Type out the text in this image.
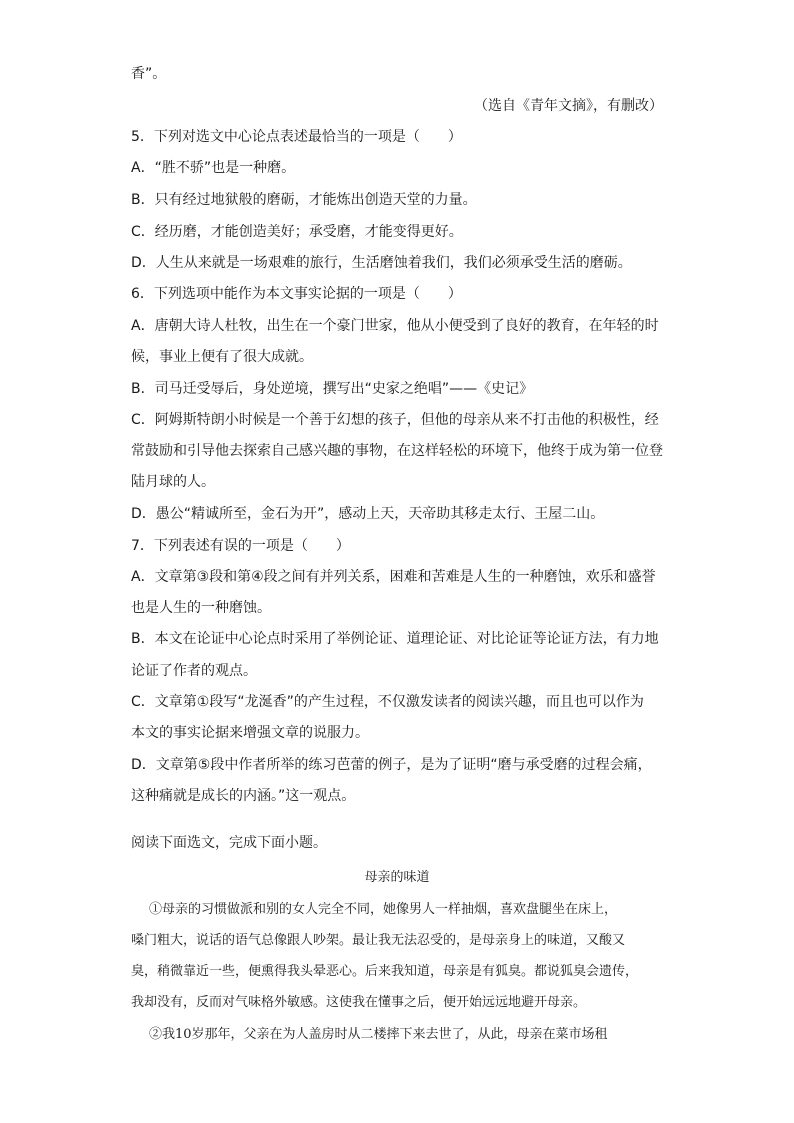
香”。
（选自《青年文摘》，有删改）
5．下列对选文中心论点表述最恰当的一项是（　　）
A．“胜不骄”也是一种磨。
B．只有经过地狱般的磨砺，才能炼出创造天堂的力量。
C．经历磨，才能创造美好；承受磨，才能变得更好。
D．人生从来就是一场艰难的旅行，生活磨蚀着我们，我们必须承受生活的磨砺。
6．下列选项中能作为本文事实论据的一项是（　　）
A．唐朝大诗人杜牧，出生在一个豪门世家，他从小便受到了良好的教育，在年轻的时
候，事业上便有了很大成就。
B．司马迁受辱后，身处逆境，撰写出“史家之绝唱”——《史记》
C．阿姆斯特朗小时候是一个善于幻想的孩子，但他的母亲从来不打击他的积极性，经
常鼓励和引导他去探索自己感兴趣的事物，在这样轻松的环境下，他终于成为第一位登
陆月球的人。
D．愚公“精诚所至，金石为开”，感动上天，天帝助其移走太行、王屋二山。
7．下列表述有误的一项是（　　）
A．文章第③段和第④段之间有并列关系，困难和苦难是人生的一种磨蚀，欢乐和盛誉
也是人生的一种磨蚀。
B．本文在论证中心论点时采用了举例论证、道理论证、对比论证等论证方法，有力地
论证了作者的观点。
C．文章第①段写“龙涎香”的产生过程，不仅激发读者的阅读兴趣，而且也可以作为
本文的事实论据来增强文章的说服力。
D．文章第⑤段中作者所举的练习芭蕾的例子，是为了证明“磨与承受磨的过程会痛，
这种痛就是成长的内涵。”这一观点。
阅读下面选文，完成下面小题。
母亲的味道
①母亲的习惯做派和别的女人完全不同，她像男人一样抽烟，喜欢盘腿坐在床上，
嗓门粗大，说话的语气总像跟人吵架。最让我无法忍受的，是母亲身上的味道，又酸又
臭，稍微靠近一些，便熏得我头晕恶心。后来我知道，母亲是有狐臭。都说狐臭会遗传，
我却没有，反而对气味格外敏感。这使我在懂事之后，便开始远远地避开母亲。
②我10岁那年，父亲在为人盖房时从二楼摔下来去世了，从此，母亲在菜市场租
